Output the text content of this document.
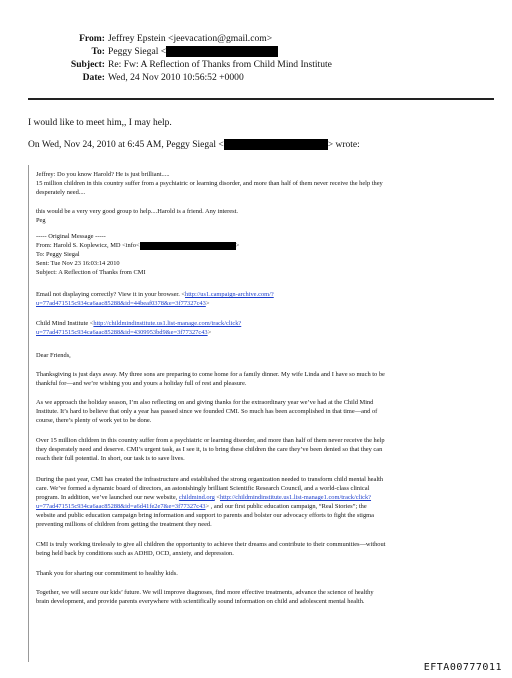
From: Jeffrey Epstein <jeevacation@gmail.com>
To: Peggy Siegal <
Subject: Re: Fw: A Reflection of Thanks from Child Mind Institute
Date: Wed, 24 Nov 2010 10:56:52 +0000
I would like to meet him,, I may help.
On Wed, Nov 24, 2010 at 6:45 AM, Peggy Siegal <	> wrote:
Jeffrey: Do you know Harold? He is just brilliant.....
15 million children in this country suffer from a psychiatric or learning disorder, and more than half of them never receive the help they
desperately need....
this would be a very very good group to help....Harold is a friend. Any interest.
Peg
----- Original Message -----
From: Harold S. Koplewicz, MD <info<	>
To: Peggy Siegal
Sent: Tue Nov 23 16:03:14 2010
Subject: A Reflection of Thanks from CMI
Email not displaying correctly? View it in your browser. <http://us1.campaign-archive.com/?
u=77ad471515c934ca6aac85288&id=44beaf0378&e=3f77327c43>
Child Mind Institute <http://childmindinstitute.us1.list-manage.com/track/click?
u=77ad471515c934ca6aac85288&id=4309953bd9&e=3f77327c43>
Dear Friends,
Thanksgiving is just days away. My three sons are preparing to come home for a family dinner. My wife Linda and I have so much to be
thankful for—and we’re wishing you and yours a holiday full of rest and pleasure.
As we approach the holiday season, I’m also reflecting on and giving thanks for the extraordinary year we’ve had at the Child Mind
Institute. It’s hard to believe that only a year has passed since we founded CMI. So much has been accomplished in that time—and of
course, there’s plenty of work yet to be done.
Over 15 million children in this country suffer from a psychiatric or learning disorder, and more than half of them never receive the help
they desperately need and deserve. CMI’s urgent task, as I see it, is to bring these children the care they’ve been denied so that they can
reach their full potential. In short, our task is to save lives.
During the past year, CMI has created the infrastructure and established the strong organization needed to transform child mental health
care. We’ve formed a dynamic board of directors, an astonishingly brilliant Scientific Research Council, and a world-class clinical
program. In addition, we’ve launched our new website, childmind.org <http://childmindinstitute.us1.list-manage1.com/track/click?
u=77ad471515c934ca6aac85288&id=a6d41fe2e7&e=3f77327c43> , and our first public education campaign, “Real Stories”; the
website and public education campaign bring information and support to parents and bolster our advocacy efforts to fight the stigma
preventing millions of children from getting the treatment they need.
CMI is truly working tirelessly to give all children the opportunity to achieve their dreams and contribute to their communities—without
being held back by conditions such as ADHD, OCD, anxiety, and depression.
Thank you for sharing our commitment to healthy kids.
Together, we will secure our kids’ future. We will improve diagnoses, find more effective treatments, advance the science of healthy
brain development, and provide parents everywhere with scientifically sound information on child and adolescent mental health.
EFTA00777011
